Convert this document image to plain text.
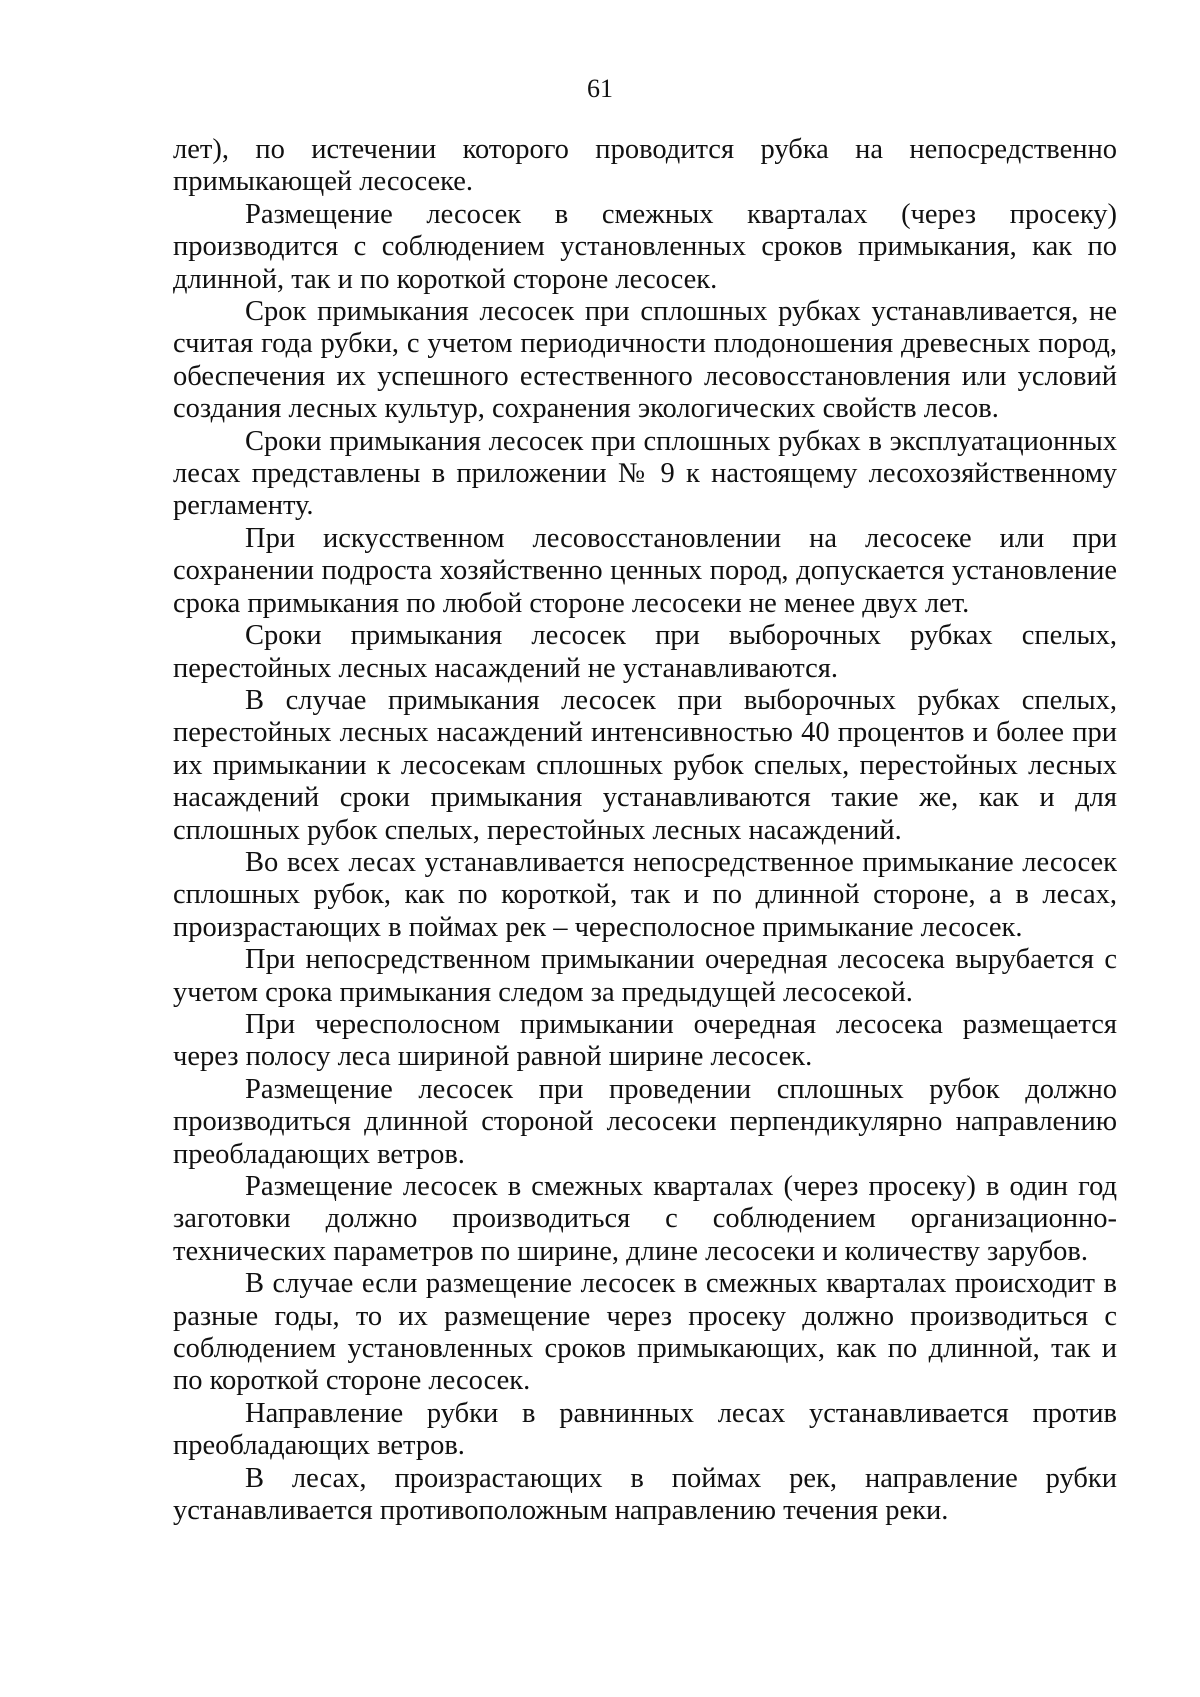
61

лет), по истечении которого проводится рубка на непосредственно примыкающей лесосеке.

Размещение лесосек в смежных кварталах (через просеку) производится с соблюдением установленных сроков примыкания, как по длинной, так и по короткой стороне лесосек.

Срок примыкания лесосек при сплошных рубках устанавливается, не считая года рубки, с учетом периодичности плодоношения древесных пород, обеспечения их успешного естественного лесовосстановления или условий создания лесных культур, сохранения экологических свойств лесов.

Сроки примыкания лесосек при сплошных рубках в эксплуатационных лесах представлены в приложении № 9 к настоящему лесохозяйственному регламенту.

При искусственном лесовосстановлении на лесосеке или при сохранении подроста хозяйственно ценных пород, допускается установление срока примыкания по любой стороне лесосеки не менее двух лет.

Сроки примыкания лесосек при выборочных рубках спелых, перестойных лесных насаждений не устанавливаются.

В случае примыкания лесосек при выборочных рубках спелых, перестойных лесных насаждений интенсивностью 40 процентов и более при их примыкании к лесосекам сплошных рубок спелых, перестойных лесных насаждений сроки примыкания устанавливаются такие же, как и для сплошных рубок спелых, перестойных лесных насаждений.

Во всех лесах устанавливается непосредственное примыкание лесосек сплошных рубок, как по короткой, так и по длинной стороне, а в лесах, произрастающих в поймах рек – чересполосное примыкание лесосек.

При непосредственном примыкании очередная лесосека вырубается с учетом срока примыкания следом за предыдущей лесосекой.

При чересполосном примыкании очередная лесосека размещается через полосу леса шириной равной ширине лесосек.

Размещение лесосек при проведении сплошных рубок должно производиться длинной стороной лесосеки перпендикулярно направлению преобладающих ветров.

Размещение лесосек в смежных кварталах (через просеку) в один год заготовки должно производиться с соблюдением организационно-технических параметров по ширине, длине лесосеки и количеству зарубов.

В случае если размещение лесосек в смежных кварталах происходит в разные годы, то их размещение через просеку должно производиться с соблюдением установленных сроков примыкающих, как по длинной, так и по короткой стороне лесосек.

Направление рубки в равнинных лесах устанавливается против преобладающих ветров.

В лесах, произрастающих в поймах рек, направление рубки устанавливается противоположным направлению течения реки.
